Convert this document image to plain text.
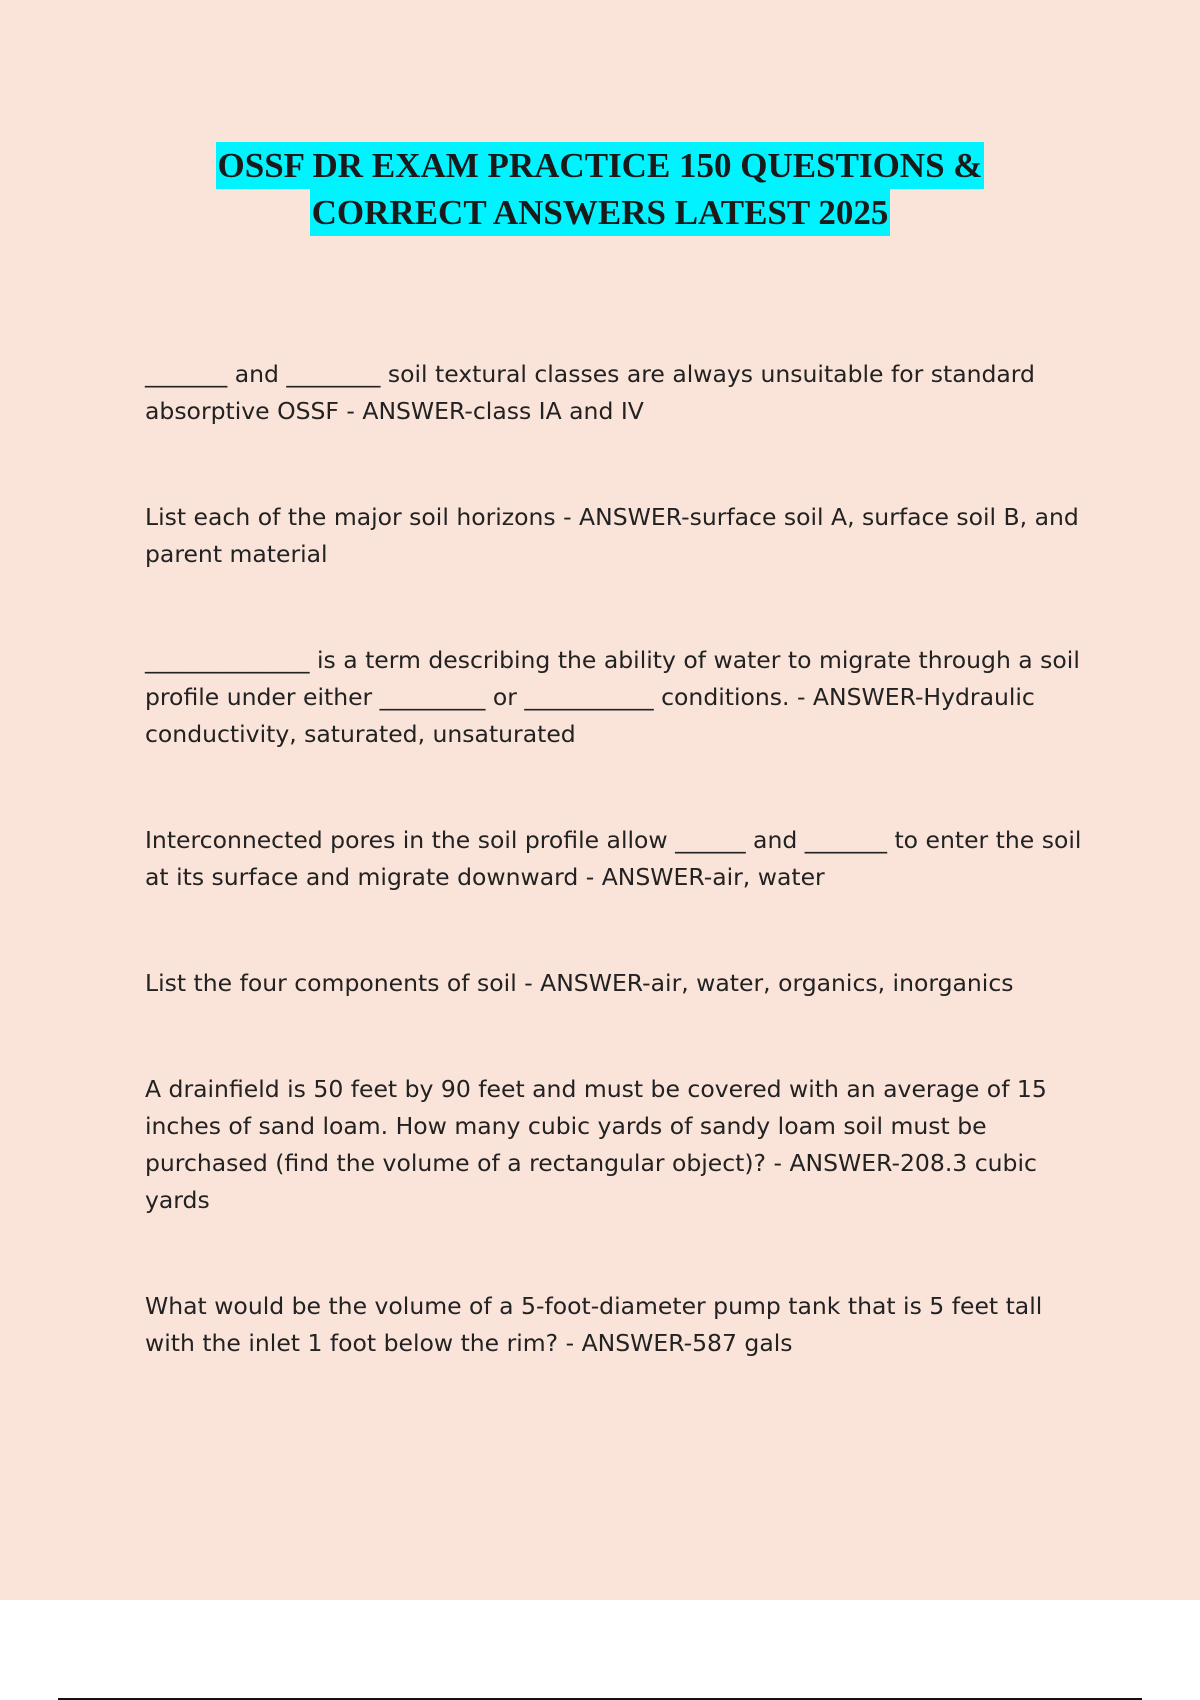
OSSF DR EXAM PRACTICE 150 QUESTIONS &
CORRECT ANSWERS LATEST 2025

_______ and ________ soil textural classes are always unsuitable for standard absorptive OSSF - ANSWER-class IA and IV

List each of the major soil horizons - ANSWER-surface soil A, surface soil B, and parent material

______________ is a term describing the ability of water to migrate through a soil profile under either _________ or ___________ conditions. - ANSWER-Hydraulic conductivity, saturated, unsaturated

Interconnected pores in the soil profile allow ______ and _______ to enter the soil at its surface and migrate downward - ANSWER-air, water

List the four components of soil - ANSWER-air, water, organics, inorganics

A drainfield is 50 feet by 90 feet and must be covered with an average of 15 inches of sand loam. How many cubic yards of sandy loam soil must be purchased (find the volume of a rectangular object)? - ANSWER-208.3 cubic yards

What would be the volume of a 5-foot-diameter pump tank that is 5 feet tall with the inlet 1 foot below the rim? - ANSWER-587 gals
